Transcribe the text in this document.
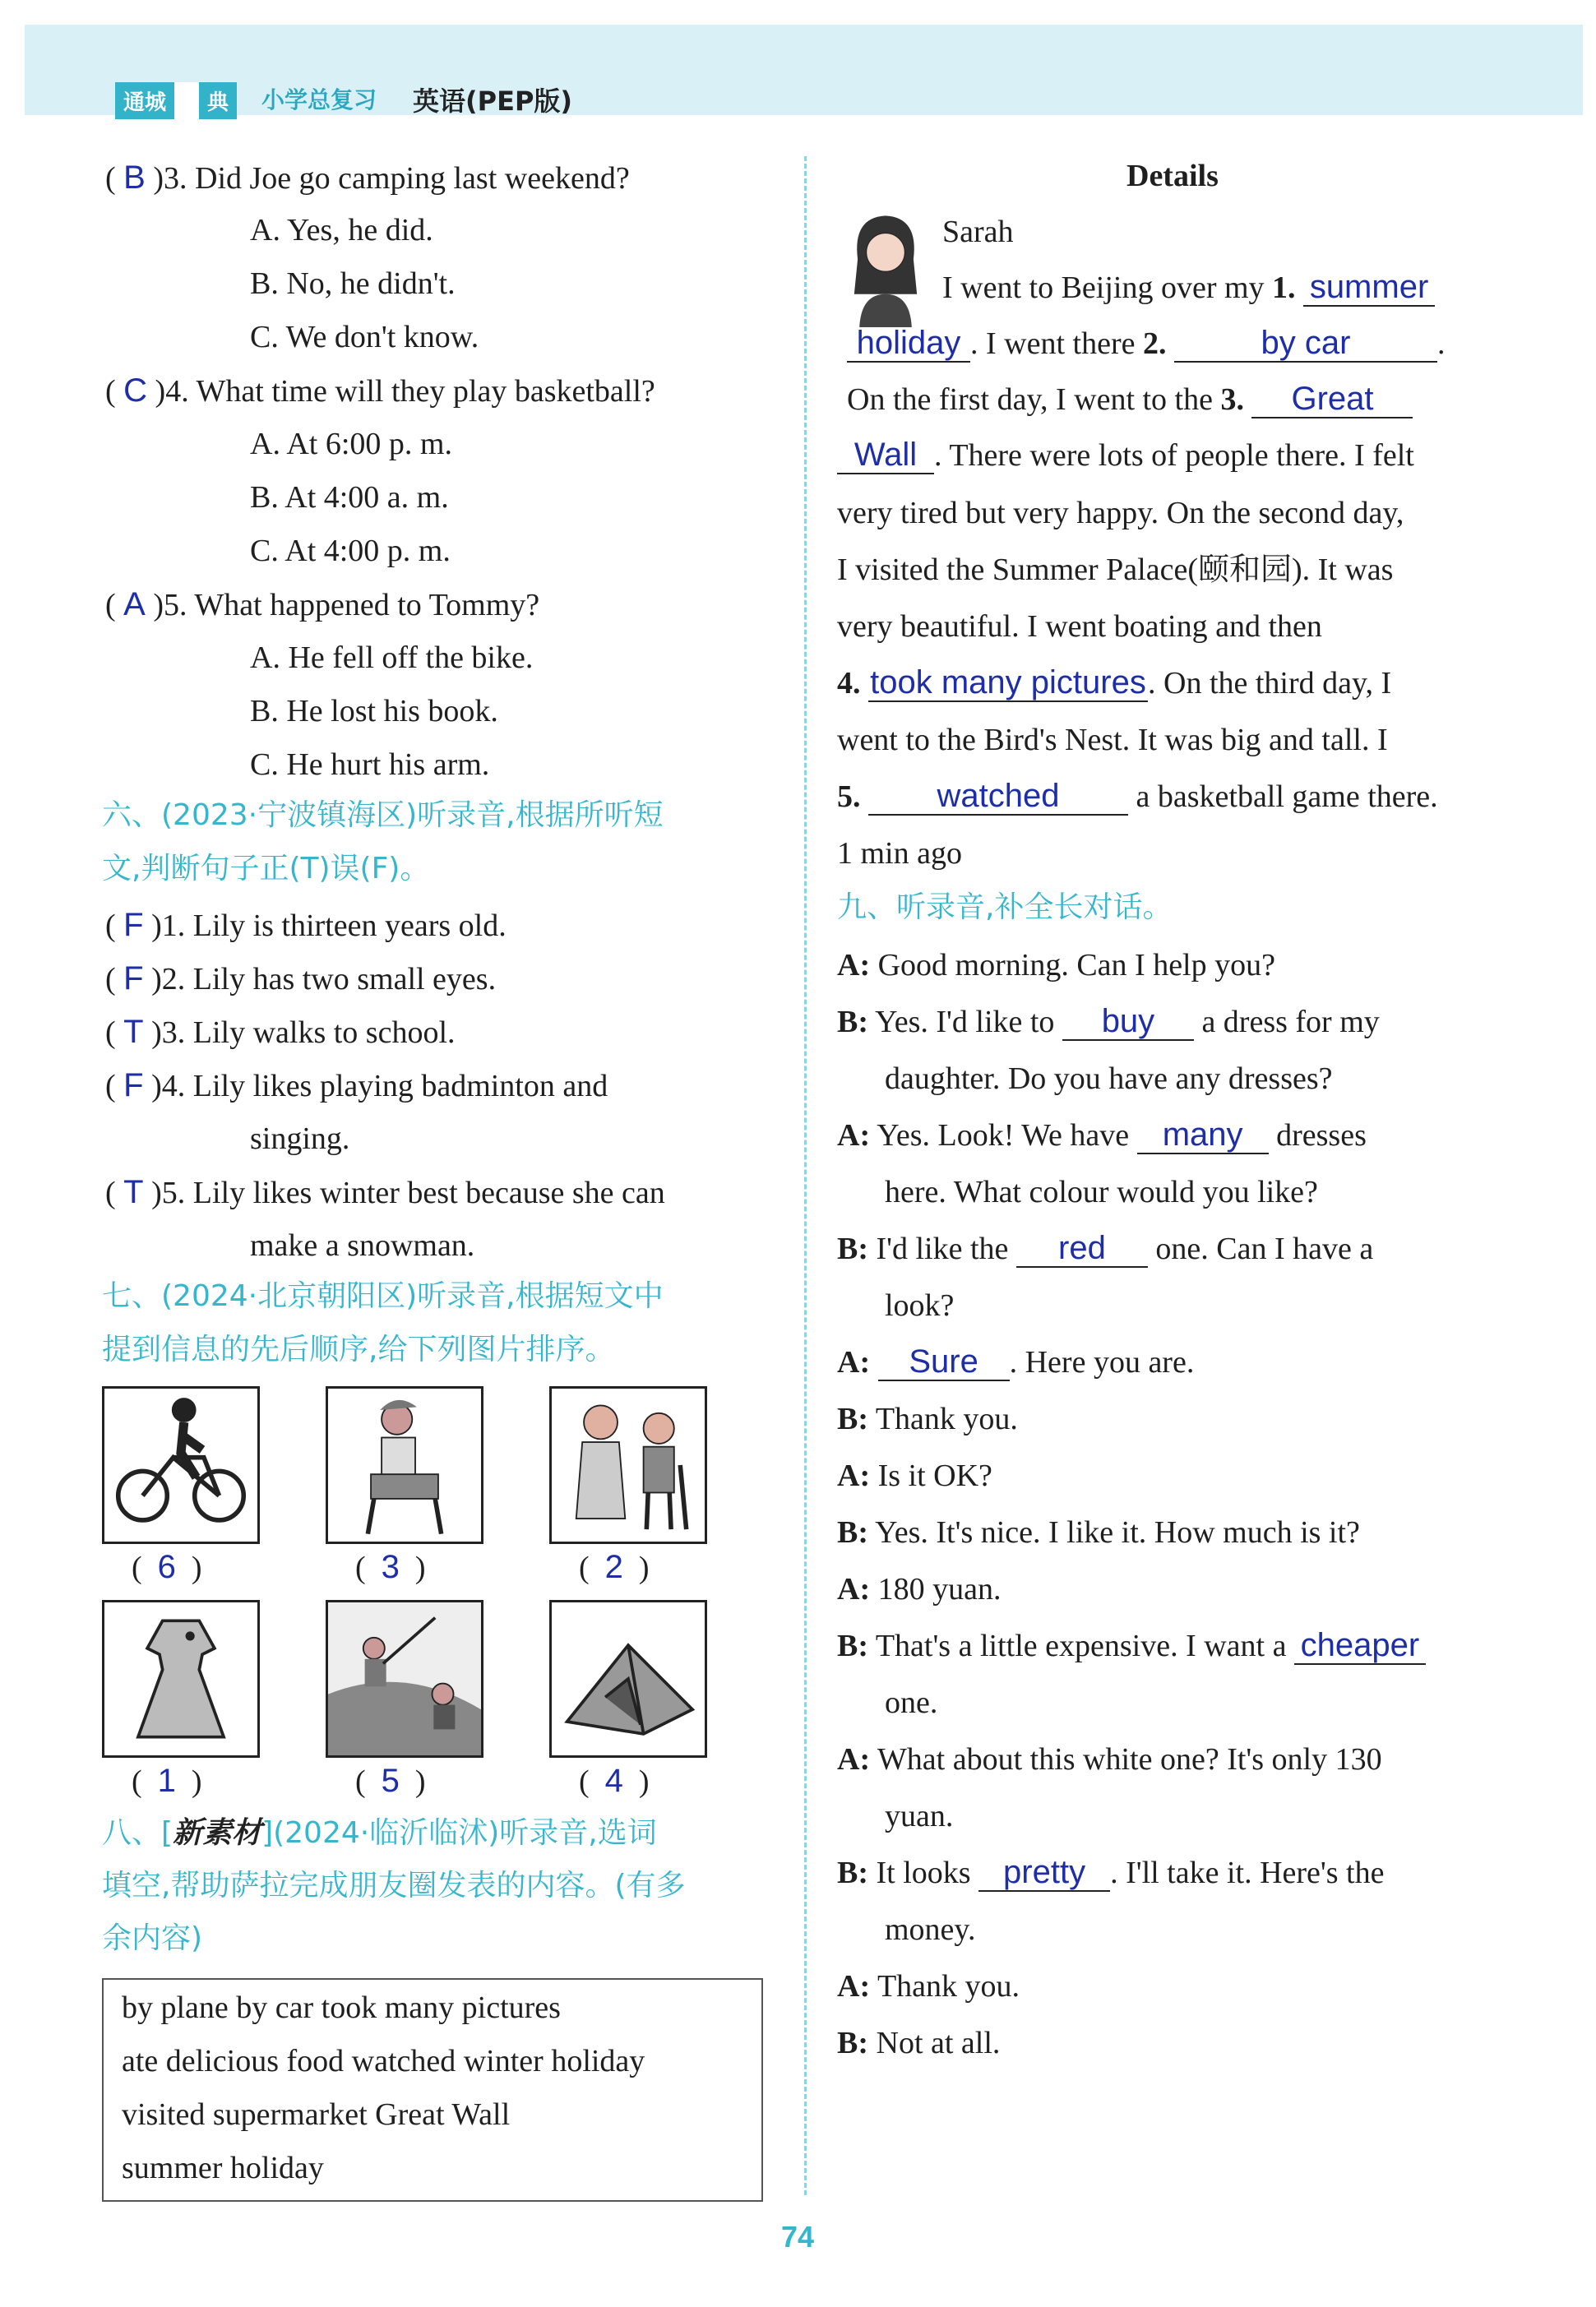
通城	典	小学总复习 英语(PEP版)
( B )3. Did Joe go camping last weekend?
A. Yes, he did.
B. No, he didn't.
C. We don't know.
( C )4. What time will they play basketball?
A. At 6:00 p. m.
B. At 4:00 a. m.
C. At 4:00 p. m.
( A )5. What happened to Tommy?
A. He fell off the bike.
B. He lost his book.
C. He hurt his arm.
六、(2023·宁波镇海区)听录音,根据所听短
文,判断句子正(T)误(F)。
( F )1. Lily is thirteen years old.
( F )2. Lily has two small eyes.
( T )3. Lily walks to school.
( F )4. Lily likes playing badminton and
singing.
( T )5. Lily likes winter best because she can
make a snowman.
七、(2024·北京朝阳区)听录音,根据短文中
提到信息的先后顺序,给下列图片排序。
(  6  )	(  3  )	(  2  )
(  1  )	(  5  )	(  4  )
八、[新素材](2024·临沂临沭)听录音,选词
填空,帮助萨拉完成朋友圈发表的内容。(有多
余内容)
by plane by car took many pictures
ate delicious food watched winter holiday
visited supermarket Great Wall
summer holiday
Details
Sarah
I went to Beijing over my 1. summer
holiday . I went there 2.	by car	.
On the first day, I went to the 3. Great
Wall . There were lots of people there. I felt
very tired but very happy. On the second day,
I visited the Summer Palace(颐和园). It was
very beautiful. I went boating and then
4. took many pictures. On the third day, I
went to the Bird's Nest. It was big and tall. I
5. watched a basketball game there.
1 min ago
九、听录音,补全长对话。
A: Good morning. Can I help you?
B: Yes. I'd like to buy a dress for my
daughter. Do you have any dresses?
A: Yes. Look! We have many dresses
here. What colour would you like?
B: I'd like the red one. Can I have a
look?
A: Sure . Here you are.
B: Thank you.
A: Is it OK?
B: Yes. It's nice. I like it. How much is it?
A: 180 yuan.
B: That's a little expensive. I want a cheaper
one.
A: What about this white one? It's only 130
yuan.
B: It looks pretty . I'll take it. Here's the
money.
A: Thank you.
B: Not at all.
74
